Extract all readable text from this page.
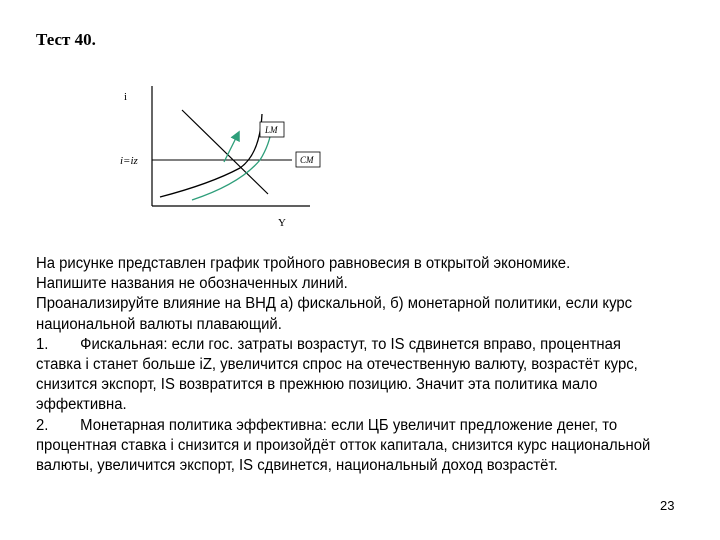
Тест 40.
i
Y
i=iz
LM
CM

На рисунке представлен график тройного равновесия в открытой экономике.

Напишите названия не обозначенных линий.

Проанализируйте влияние на ВНД а) фискальной, б) монетарной политики, если курс национальной валюты плавающий.

1. Фискальная: если гос. затраты возрастут, то IS сдвинется вправо, процентная ставка i станет больше iZ, увеличится спрос на отечественную валюту, возрастёт курс, снизится экспорт, IS возвратится в прежнюю позицию. Значит эта политика мало эффективна.

2. Монетарная политика эффективна: если ЦБ увеличит предложение денег, то процентная ставка i снизится и произойдёт отток капитала, снизится курс национальной валюты, увеличится экспорт, IS сдвинется, национальный доход возрастёт.

23
